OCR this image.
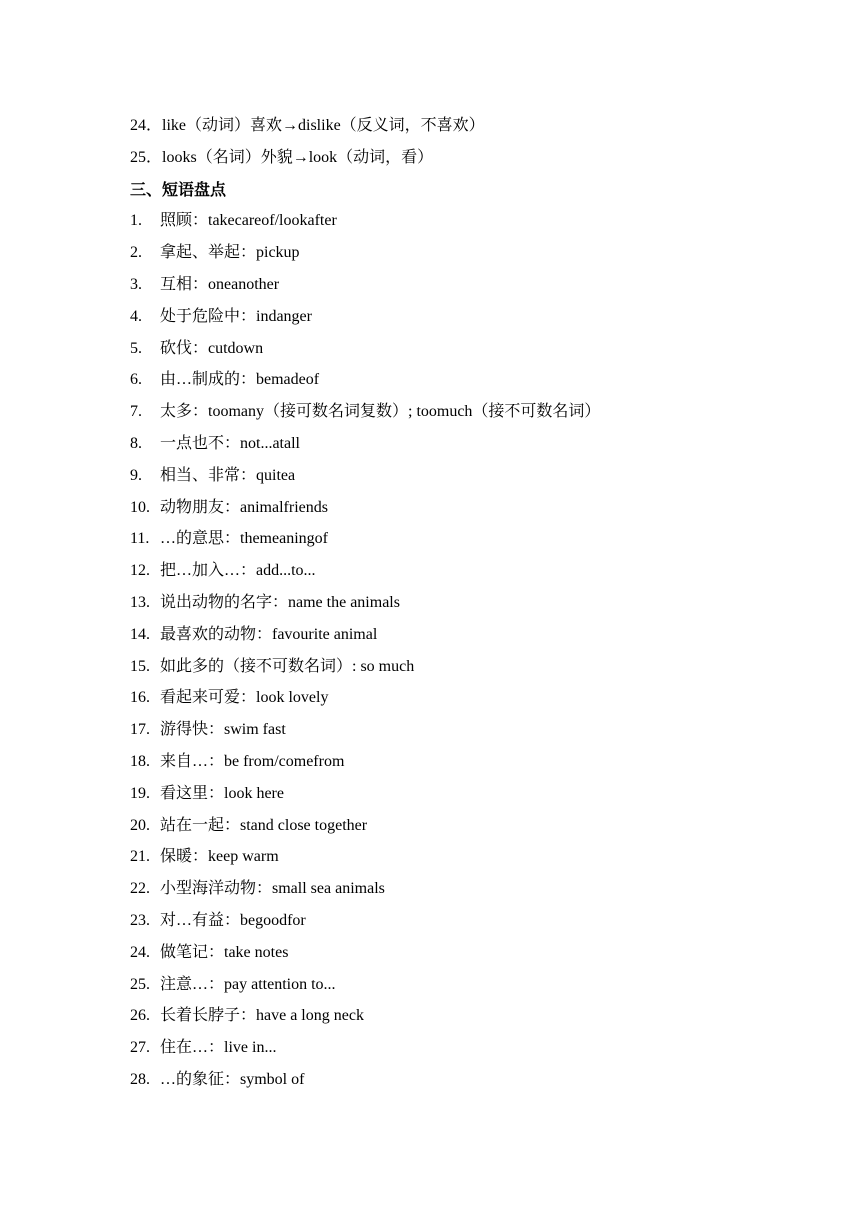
24．like（动词）喜欢→dislike（反义词，不喜欢）
25．looks（名词）外貌→look（动词，看）
三、短语盘点
1. 照顾：takecareof/lookafter
2. 拿起、举起：pickup
3. 互相：oneanother
4. 处于危险中：indanger
5. 砍伐：cutdown
6. 由…制成的：bemadeof
7. 太多：toomany（接可数名词复数）; toomuch（接不可数名词）
8. 一点也不：not...atall
9. 相当、非常：quitea
10. 动物朋友：animalfriends
11. …的意思：themeaningof
12. 把…加入…：add...to...
13. 说出动物的名字：name the animals
14. 最喜欢的动物：favourite animal
15. 如此多的（接不可数名词）: so much
16. 看起来可爱：look lovely
17. 游得快：swim fast
18. 来自…：be from/comefrom
19. 看这里：look here
20. 站在一起：stand close together
21. 保暖：keep warm
22. 小型海洋动物：small sea animals
23. 对…有益：begoodfor
24. 做笔记：take notes
25. 注意…：pay attention to...
26. 长着长脖子：have a long neck
27. 住在…：live in...
28. …的象征：symbol of
